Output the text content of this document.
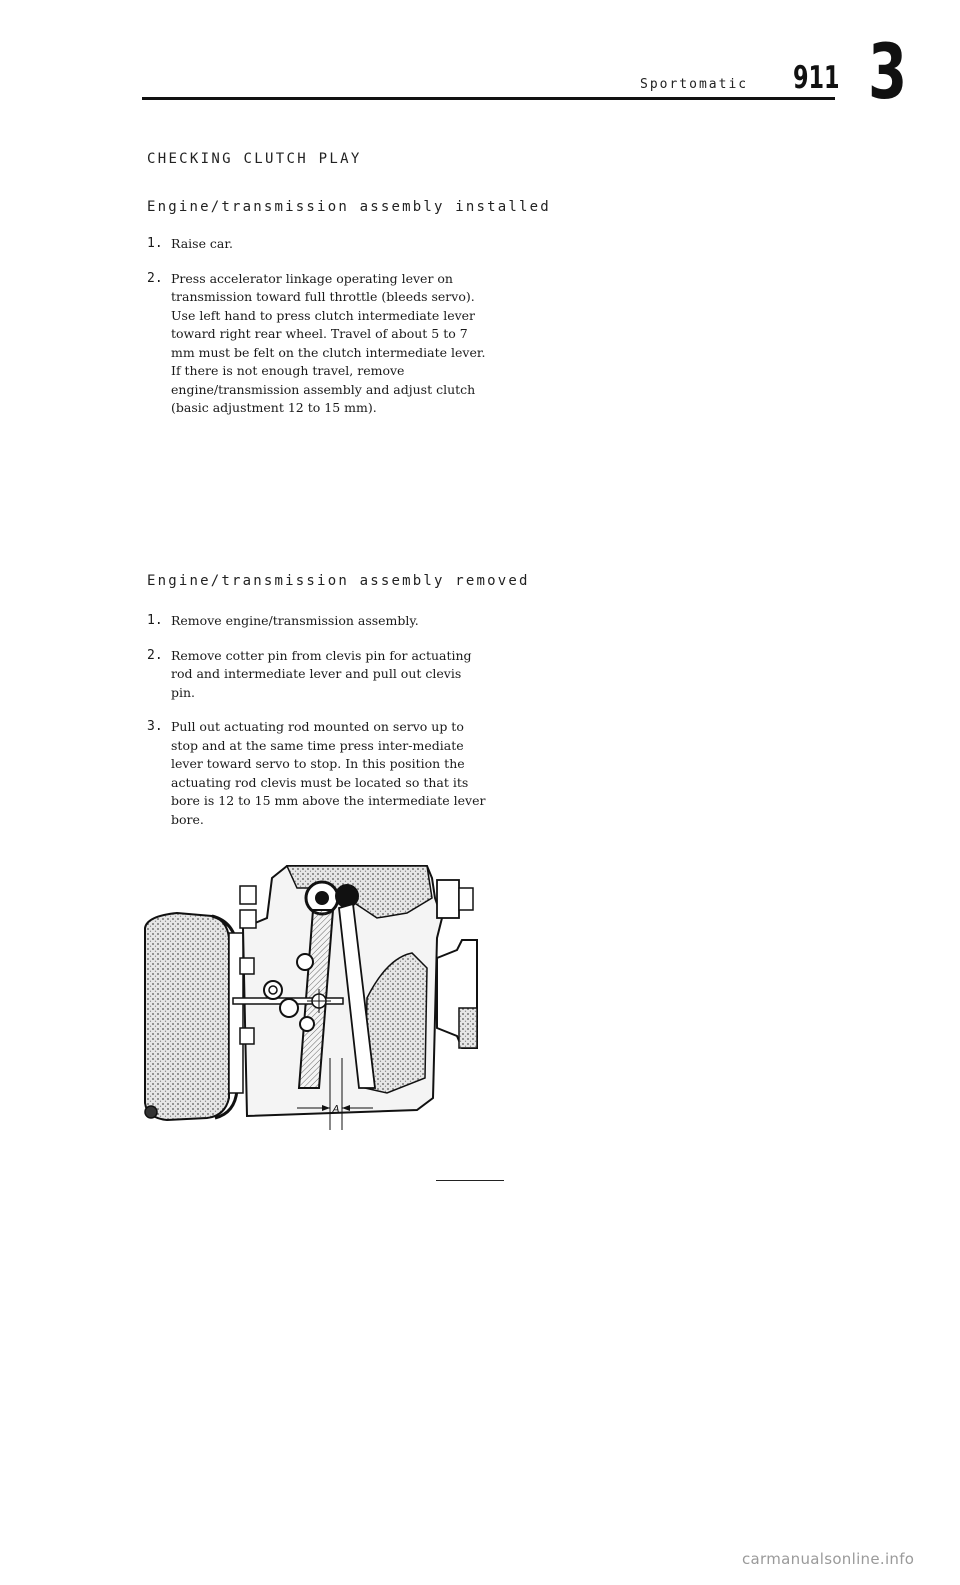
Sportomatic 911 3
CHECKING CLUTCH PLAY
Engine/transmission assembly installed
1. Raise car.
2. Press accelerator linkage operating lever on transmission toward full throttle (bleeds servo). Use left hand to press clutch intermediate lever toward right rear wheel. Travel of about 5 to 7 mm must be felt on the clutch intermediate lever. If there is not enough travel, remove engine/transmission assembly and adjust clutch (basic adjustment 12 to 15 mm).
Engine/transmission assembly removed
1. Remove engine/transmission assembly.
2. Remove cotter pin from clevis pin for actuating rod and intermediate lever and pull out clevis pin.
3. Pull out actuating rod mounted on servo up to stop and at the same time press inter-mediate lever toward servo to stop. In this position the actuating rod clevis must be located so that its bore is 12 to 15 mm above the intermediate lever bore.
A
carmanualsonline.info
